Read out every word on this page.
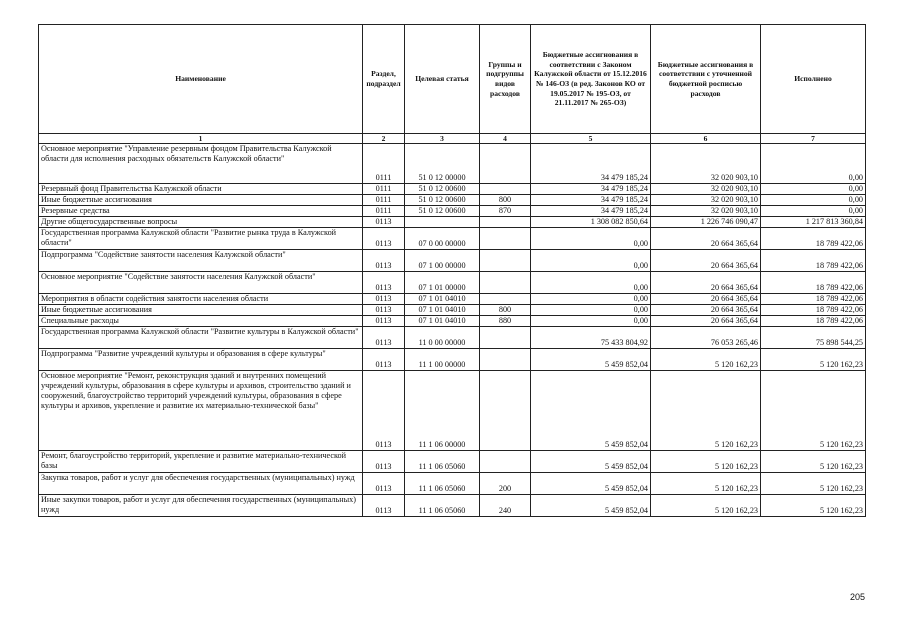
Наименование	Раздел, подраздел	Целевая статья	Группы и подгруппы видов расходов	Бюджетные ассигнования в соответствии с Законом Калужской области от 15.12.2016 № 146-ОЗ (в ред. Законов КО от 19.05.2017 № 195-ОЗ, от 21.11.2017 № 265-ОЗ)	Бюджетные ассигнования в соответствии с уточненной бюджетной росписью расходов	Исполнено
1	2	3	4	5	6	7
Основное мероприятие "Управление резервным фондом Правительства Калужской области для исполнения расходных обязательств Калужской области"	0111	51 0 12 00000		34 479 185,24	32 020 903,10	0,00
Резервный фонд Правительства Калужской области	0111	51 0 12 00600		34 479 185,24	32 020 903,10	0,00
Иные бюджетные ассигнования	0111	51 0 12 00600	800	34 479 185,24	32 020 903,10	0,00
Резервные средства	0111	51 0 12 00600	870	34 479 185,24	32 020 903,10	0,00
Другие общегосударственные вопросы	0113			1 308 082 850,64	1 226 746 090,47	1 217 813 360,84
Государственная программа Калужской области "Развитие рынка труда в Калужской области"	0113	07 0 00 00000		0,00	20 664 365,64	18 789 422,06
Подпрограмма "Содействие занятости населения Калужской области"	0113	07 1 00 00000		0,00	20 664 365,64	18 789 422,06
Основное мероприятие "Содействие занятости населения Калужской области"	0113	07 1 01 00000		0,00	20 664 365,64	18 789 422,06
Мероприятия в области содействия занятости населения области	0113	07 1 01 04010		0,00	20 664 365,64	18 789 422,06
Иные бюджетные ассигнования	0113	07 1 01 04010	800	0,00	20 664 365,64	18 789 422,06
Специальные расходы	0113	07 1 01 04010	880	0,00	20 664 365,64	18 789 422,06
Государственная программа Калужской области "Развитие культуры в Калужской области"	0113	11 0 00 00000		75 433 804,92	76 053 265,46	75 898 544,25
Подпрограмма "Развитие учреждений культуры и образования в сфере культуры"	0113	11 1 00 00000		5 459 852,04	5 120 162,23	5 120 162,23
Основное мероприятие "Ремонт, реконструкция зданий и внутренних помещений учреждений культуры, образования в сфере культуры и архивов, строительство зданий и сооружений, благоустройство территорий учреждений культуры, образования в сфере культуры и архивов, укрепление и развитие их материально-технической базы"	0113	11 1 06 00000		5 459 852,04	5 120 162,23	5 120 162,23
Ремонт, благоустройство территорий, укрепление и развитие материально-технической базы	0113	11 1 06 05060		5 459 852,04	5 120 162,23	5 120 162,23
Закупка товаров, работ и услуг для обеспечения государственных (муниципальных) нужд	0113	11 1 06 05060	200	5 459 852,04	5 120 162,23	5 120 162,23
Иные закупки товаров, работ и услуг для обеспечения государственных (муниципальных) нужд	0113	11 1 06 05060	240	5 459 852,04	5 120 162,23	5 120 162,23
205
